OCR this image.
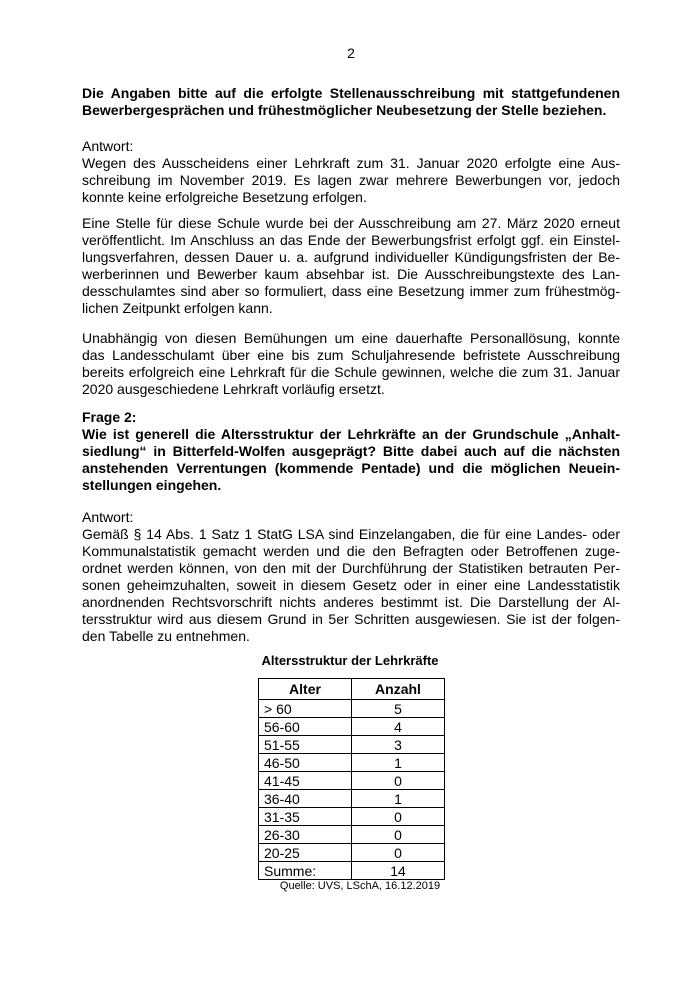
2
Die Angaben bitte auf die erfolgte Stellenausschreibung mit stattgefundenen
Bewerbergesprächen und frühestmöglicher Neubesetzung der Stelle beziehen.
Antwort:
Wegen des Ausscheidens einer Lehrkraft zum 31. Januar 2020 erfolgte eine Aus-
schreibung im November 2019. Es lagen zwar mehrere Bewerbungen vor, jedoch
konnte keine erfolgreiche Besetzung erfolgen.
Eine Stelle für diese Schule wurde bei der Ausschreibung am 27. März 2020 erneut
veröffentlicht. Im Anschluss an das Ende der Bewerbungsfrist erfolgt ggf. ein Einstel-
lungsverfahren, dessen Dauer u. a. aufgrund individueller Kündigungsfristen der Be-
werberinnen und Bewerber kaum absehbar ist. Die Ausschreibungstexte des Lan-
desschulamtes sind aber so formuliert, dass eine Besetzung immer zum frühestmög-
lichen Zeitpunkt erfolgen kann.
Unabhängig von diesen Bemühungen um eine dauerhafte Personallösung, konnte
das Landesschulamt über eine bis zum Schuljahresende befristete Ausschreibung
bereits erfolgreich eine Lehrkraft für die Schule gewinnen, welche die zum 31. Januar
2020 ausgeschiedene Lehrkraft vorläufig ersetzt.
Frage 2:
Wie ist generell die Altersstruktur der Lehrkräfte an der Grundschule „Anhalt-
siedlung“ in Bitterfeld-Wolfen ausgeprägt? Bitte dabei auch auf die nächsten
anstehenden Verrentungen (kommende Pentade) und die möglichen Neuein-
stellungen eingehen.
Antwort:
Gemäß § 14 Abs. 1 Satz 1 StatG LSA sind Einzelangaben, die für eine Landes- oder
Kommunalstatistik gemacht werden und die den Befragten oder Betroffenen zuge-
ordnet werden können, von den mit der Durchführung der Statistiken betrauten Per-
sonen geheimzuhalten, soweit in diesem Gesetz oder in einer eine Landesstatistik
anordnenden Rechtsvorschrift nichts anderes bestimmt ist. Die Darstellung der Al-
tersstruktur wird aus diesem Grund in 5er Schritten ausgewiesen. Sie ist der folgen-
den Tabelle zu entnehmen.
Altersstruktur der Lehrkräfte
Alter	Anzahl
> 60	5
56-60	4
51-55	3
46-50	1
41-45	0
36-40	1
31-35	0
26-30	0
20-25	0
Summe:	14
Quelle: UVS, LSchA, 16.12.2019
